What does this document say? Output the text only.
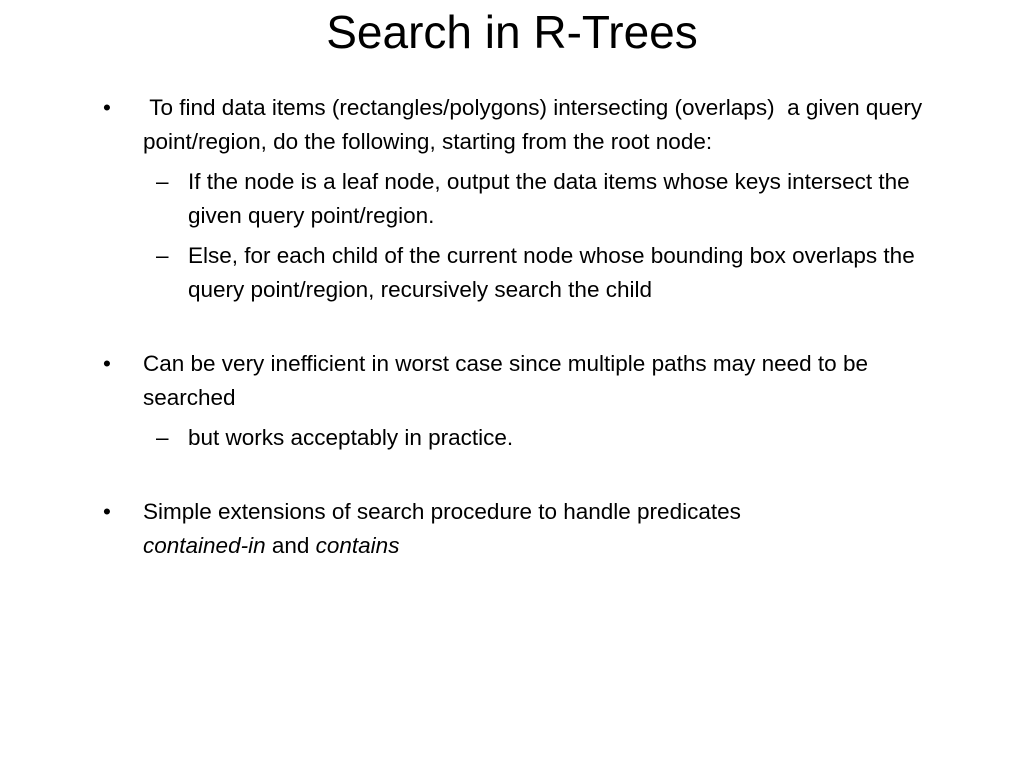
Search in R-Trees
•	To find data items (rectangles/polygons) intersecting (overlaps)  a given query point/region, do the following, starting from the root node:
– If the node is a leaf node, output the data items whose keys intersect the given query point/region.
– Else, for each child of the current node whose bounding box overlaps the query point/region, recursively search the child
•	Can be very inefficient in worst case since multiple paths may need to be searched
– but works acceptably in practice.
•	Simple extensions of search procedure to handle predicates
contained-in and contains
